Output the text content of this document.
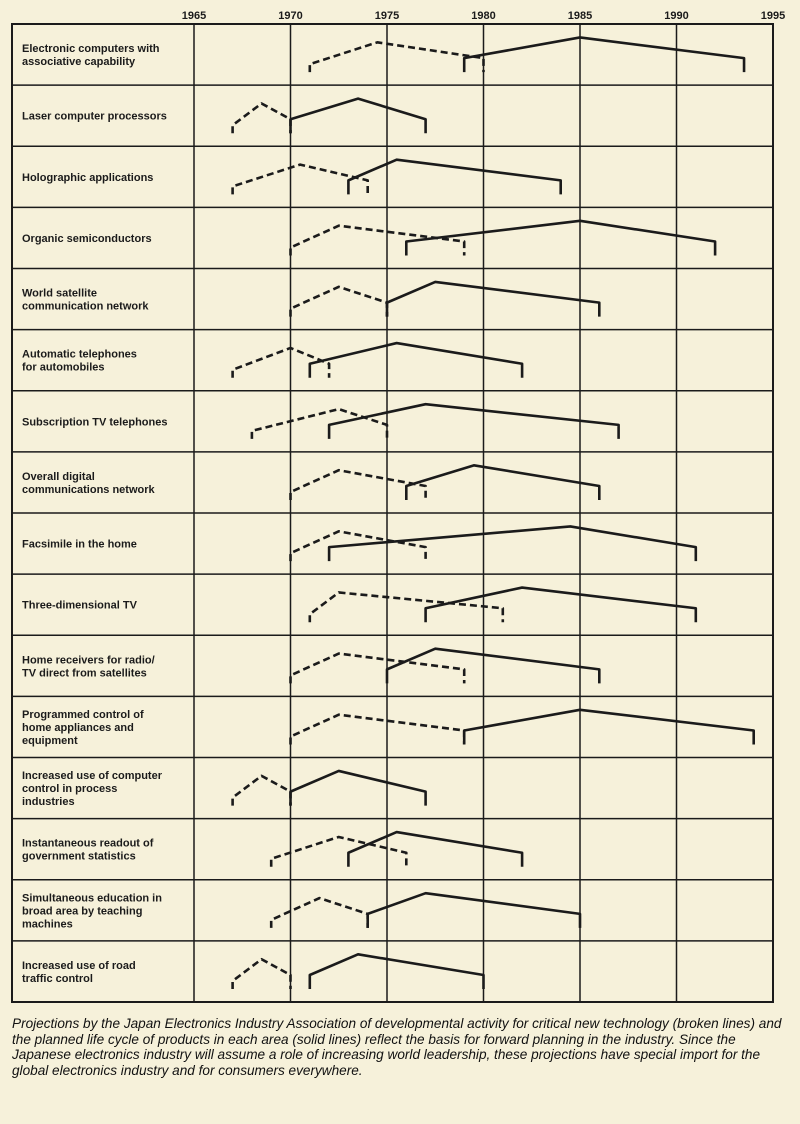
1965	1970	1975	1980	1985	1990	1995
Electronic computers with associative capability
Laser computer processors
Holographic applications
Organic semiconductors
World satellite communication network
Automatic telephones for automobiles
Subscription TV telephones
Overall digital communications network
Facsimile in the home
Three-dimensional TV
Home receivers for radio/ TV direct from satellites
Programmed control of home appliances and equipment
Increased use of computer control in process industries
Instantaneous readout of government statistics
Simultaneous education in broad area by teaching machines
Increased use of road traffic control

Projections by the Japan Electronics Industry Association of developmental activity for critical new technology (broken lines) and the planned life cycle of products in each area (solid lines) reflect the basis for forward planning in the industry. Since the Japanese electronics industry will assume a role of increasing world leadership, these projections have special import for the global electronics industry and for consumers everywhere.
